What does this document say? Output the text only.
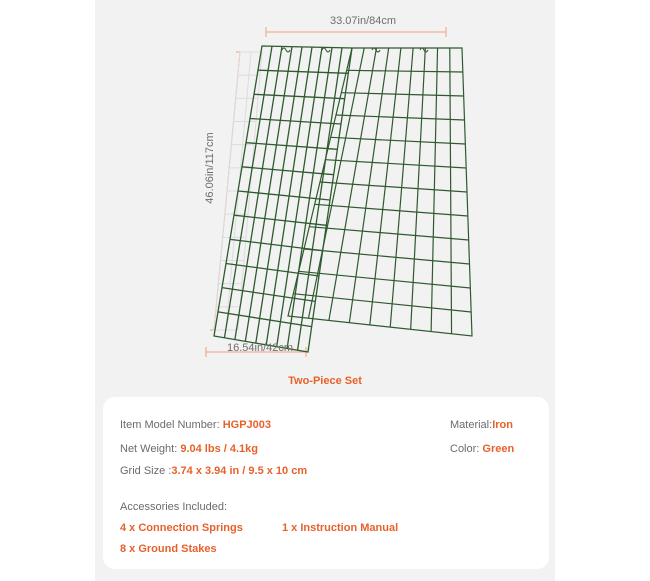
33.07in/84cm
46.06in/117cm
16.54in/42cm
Two-Piece Set
Item Model Number: HGPJ003
Net Weight: 9.04 lbs / 4.1kg
Grid Size :3.74 x 3.94 in / 9.5 x 10 cm
Material:Iron
Color: Green
Accessories Included:
4 x Connection Springs	1 x Instruction Manual
8 x Ground Stakes
